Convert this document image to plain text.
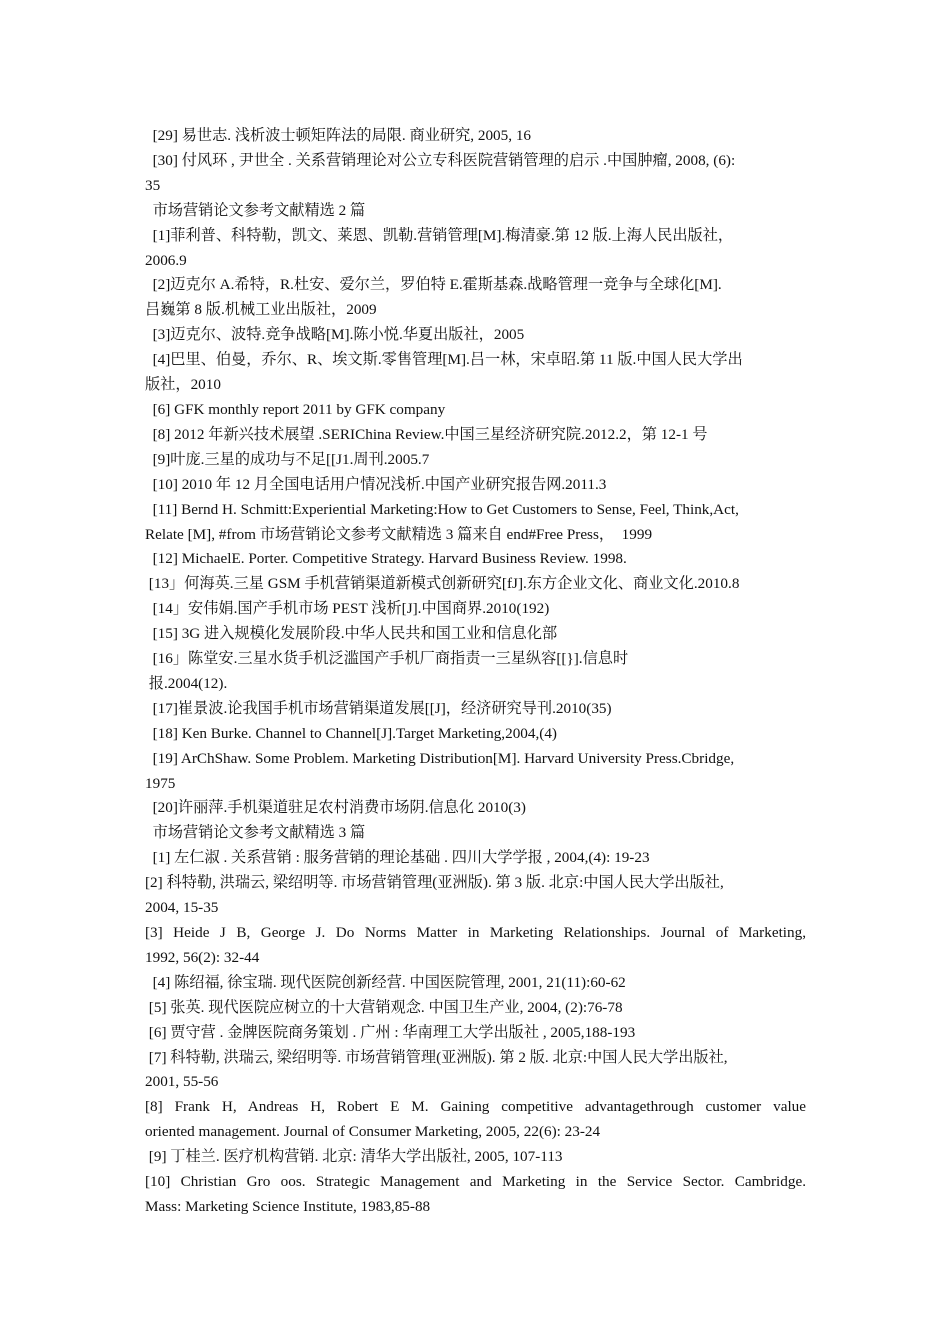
[29] 易世志. 浅析波士顿矩阵法的局限. 商业研究, 2005, 16
[30] 付风环 , 尹世全 . 关系营销理论对公立专科医院营销管理的启示 .中国肿瘤, 2008, (6):
35
市场营销论文参考文献精选 2 篇
[1]菲利普、科特勒，凯文、莱恩、凯勒.营销管理[M].梅清豪.第 12 版.上海人民出版社，
2006.9
[2]迈克尔 A.希特，R.杜安、爱尔兰，罗伯特 E.霍斯基森.战略管理一竞争与全球化[M].
吕巍第 8 版.机械工业出版社，2009
[3]迈克尔、波特.竞争战略[M].陈小悦.华夏出版社，2005
[4]巴里、伯曼，乔尔、R、埃文斯.零售管理[M].吕一林，宋卓昭.第 11 版.中国人民大学出
版社，2010
[6] GFK monthly report 2011 by GFK company
[8] 2012 年新兴技术展望 .SERIChina Review.中国三星经济研究院.2012.2，第 12-1 号
[9]叶庞.三星的成功与不足[[J1.周刊.2005.7
[10] 2010 年 12 月全国电话用户情况浅析.中国产业研究报告网.2011.3
[11] Bernd H. Schmitt:Experiential Marketing:How to Get Customers to Sense, Feel, Think,Act,
Relate [M], #from 市场营销论文参考文献精选 3 篇来自 end#Free Press，  1999
[12] MichaelE. Porter. Competitive Strategy. Harvard Business Review. 1998.
[13」何海英.三星 GSM 手机营销渠道新模式创新研究[fJ].东方企业文化、商业文化.2010.8
[14」安伟娟.国产手机市场 PEST 浅析[J].中国商界.2010(192)
[15] 3G 进入规模化发展阶段.中华人民共和国工业和信息化部
[16」陈堂安.三星水货手机泛滥国产手机厂商指责一三星纵容[[}].信息时
报.2004(12).
[17]崔景波.论我国手机市场营销渠道发展[[J]，经济研究导刊.2010(35)
[18] Ken Burke. Channel to Channel[J].Target Marketing,2004,(4)
[19] ArChShaw. Some Problem. Marketing Distribution[M]. Harvard University Press.Cbridge,
1975
[20]许丽萍.手机渠道驻足农村消费市场阴.信息化 2010(3)
市场营销论文参考文献精选 3 篇
[1] 左仁淑 . 关系营销 : 服务营销的理论基础 . 四川大学学报 , 2004,(4): 19-23
[2] 科特勒, 洪瑞云, 梁绍明等. 市场营销管理(亚洲版). 第 3 版. 北京:中国人民大学出版社,
2004, 15-35
[3] Heide J B, George J. Do Norms Matter in Marketing Relationships. Journal of Marketing,
1992, 56(2): 32-44
[4] 陈绍福, 徐宝瑞. 现代医院创新经营. 中国医院管理, 2001, 21(11):60-62
[5] 张英. 现代医院应树立的十大营销观念. 中国卫生产业, 2004, (2):76-78
[6] 贾守营 . 金牌医院商务策划 . 广州 : 华南理工大学出版社 , 2005,188-193
[7] 科特勒, 洪瑞云, 梁绍明等. 市场营销管理(亚洲版). 第 2 版. 北京:中国人民大学出版社,
2001, 55-56
[8] Frank H, Andreas H, Robert E M. Gaining competitive advantagethrough customer value
oriented management. Journal of Consumer Marketing, 2005, 22(6): 23-24
[9] 丁桂兰. 医疗机构营销. 北京: 清华大学出版社, 2005, 107-113
[10] Christian Gro oos. Strategic Management and Marketing in the Service Sector. Cambridge.
Mass: Marketing Science Institute, 1983,85-88
